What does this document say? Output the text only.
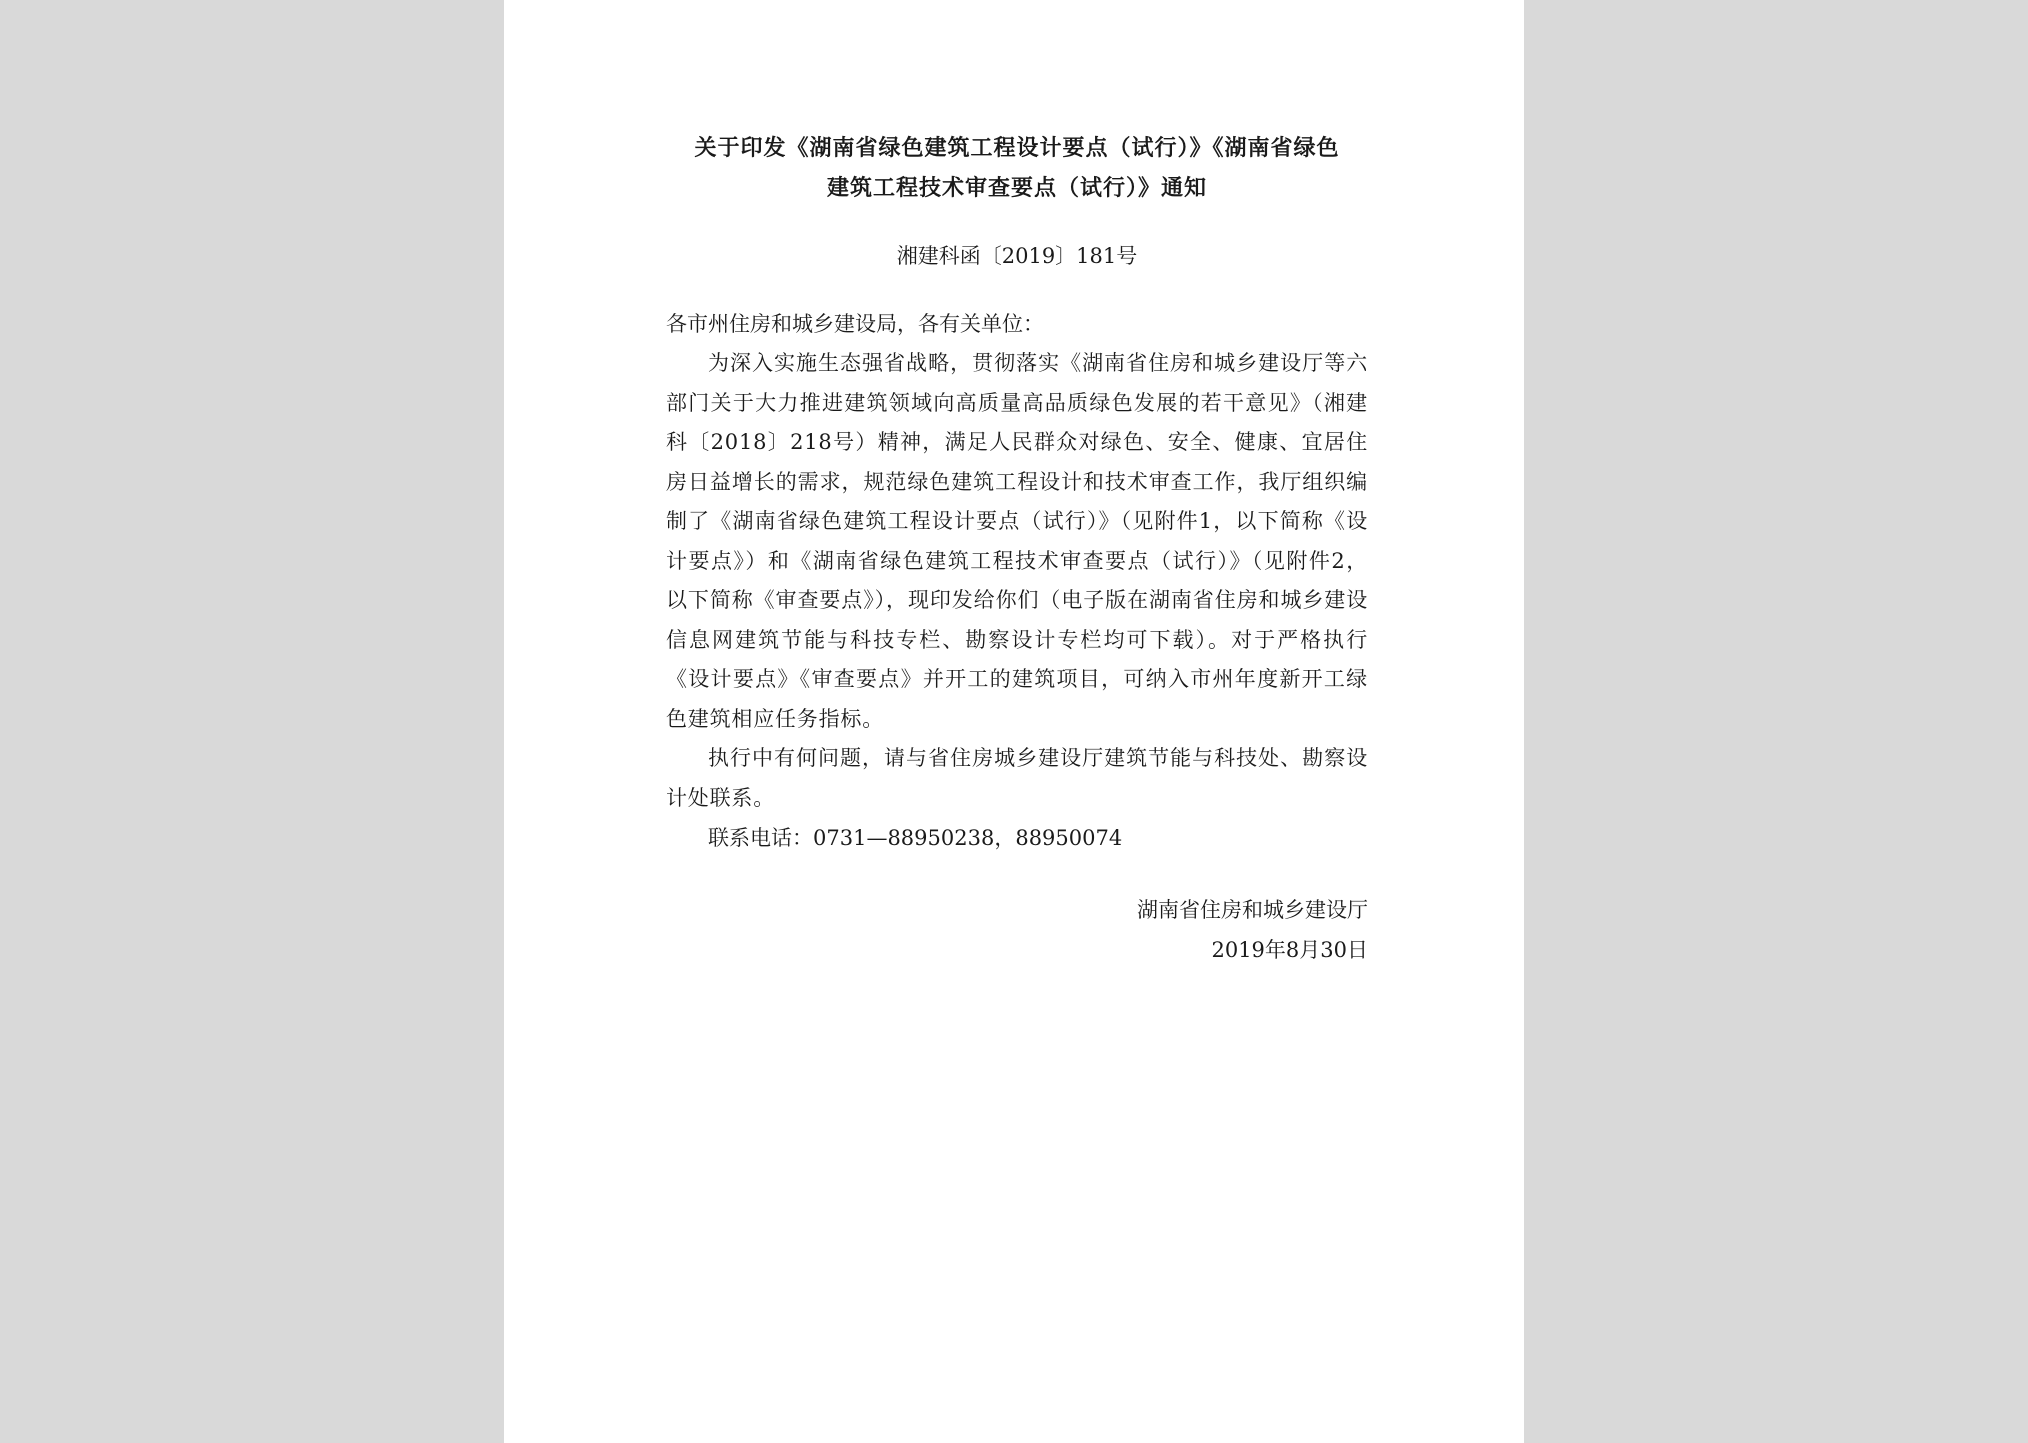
关于印发《湖南省绿色建筑工程设计要点（试行）》《湖南省绿色
建筑工程技术审查要点（试行）》通知
湘建科函〔2019〕181号
各市州住房和城乡建设局，各有关单位：

为深入实施生态强省战略，贯彻落实《湖南省住房和城乡建设厅等六部门关于大力推进建筑领域向高质量高品质绿色发展的若干意见》（湘建科〔2018〕218号）精神，满足人民群众对绿色、安全、健康、宜居住房日益增长的需求，规范绿色建筑工程设计和技术审查工作，我厅组织编制了《湖南省绿色建筑工程设计要点（试行）》（见附件1，以下简称《设计要点》）和《湖南省绿色建筑工程技术审查要点（试行）》（见附件2，以下简称《审查要点》），现印发给你们（电子版在湖南省住房和城乡建设信息网建筑节能与科技专栏、勘察设计专栏均可下载）。对于严格执行《设计要点》《审查要点》并开工的建筑项目，可纳入市州年度新开工绿色建筑相应任务指标。

执行中有何问题，请与省住房城乡建设厅建筑节能与科技处、勘察设计处联系。

联系电话：0731—88950238，88950074
湖南省住房和城乡建设厅
2019年8月30日
